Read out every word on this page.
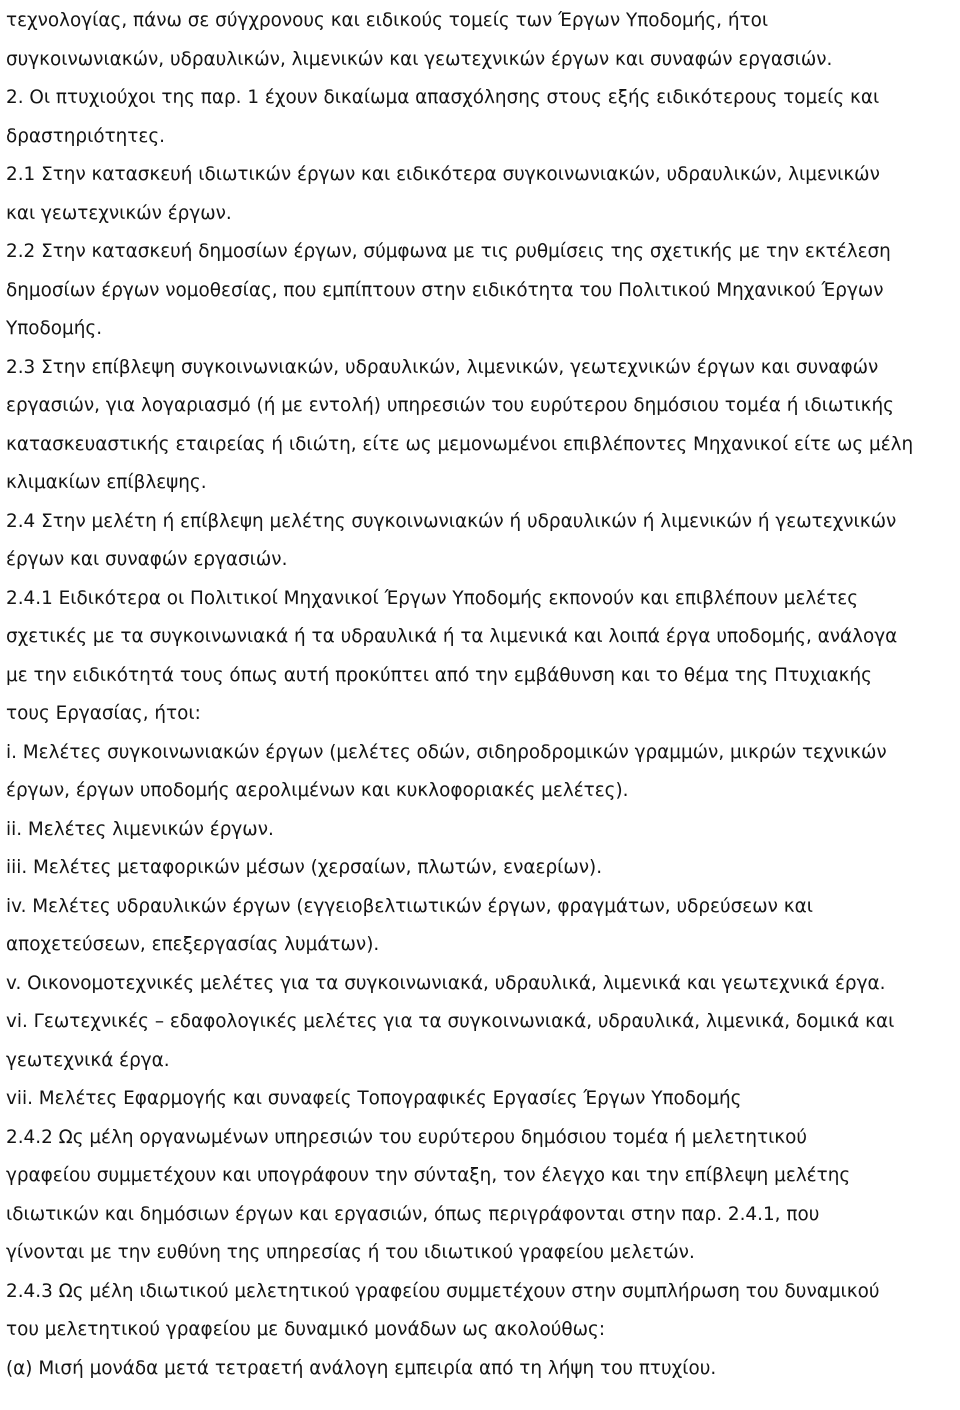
τεχνολογίας, πάνω σε σύγχρονους και ειδικούς τομείς των Έργων Υποδομής, ήτοι
συγκοινωνιακών, υδραυλικών, λιμενικών και γεωτεχνικών έργων και συναφών εργασιών.

2. Οι πτυχιούχοι της παρ. 1 έχουν δικαίωμα απασχόλησης στους εξής ειδικότερους τομείς και
δραστηριότητες.

2.1 Στην κατασκευή ιδιωτικών έργων και ειδικότερα συγκοινωνιακών, υδραυλικών, λιμενικών
και γεωτεχνικών έργων.

2.2 Στην κατασκευή δημοσίων έργων, σύμφωνα με τις ρυθμίσεις της σχετικής με την εκτέλεση
δημοσίων έργων νομοθεσίας, που εμπίπτουν στην ειδικότητα του Πολιτικού Μηχανικού Έργων
Υποδομής.

2.3 Στην επίβλεψη συγκοινωνιακών, υδραυλικών, λιμενικών, γεωτεχνικών έργων και συναφών
εργασιών, για λογαριασμό (ή με εντολή) υπηρεσιών του ευρύτερου δημόσιου τομέα ή ιδιωτικής
κατασκευαστικής εταιρείας ή ιδιώτη, είτε ως μεμονωμένοι επιβλέποντες Μηχανικοί είτε ως μέλη
κλιμακίων επίβλεψης.

2.4 Στην μελέτη ή επίβλεψη μελέτης συγκοινωνιακών ή υδραυλικών ή λιμενικών ή γεωτεχνικών
έργων και συναφών εργασιών.

2.4.1 Ειδικότερα οι Πολιτικοί Μηχανικοί Έργων Υποδομής εκπονούν και επιβλέπουν μελέτες
σχετικές με τα συγκοινωνιακά ή τα υδραυλικά ή τα λιμενικά και λοιπά έργα υποδομής, ανάλογα
με την ειδικότητά τους όπως αυτή προκύπτει από την εμβάθυνση και το θέμα της Πτυχιακής
τους Εργασίας, ήτοι:

i. Μελέτες συγκοινωνιακών έργων (μελέτες οδών, σιδηροδρομικών γραμμών, μικρών τεχνικών
έργων, έργων υποδομής αερολιμένων και κυκλοφοριακές μελέτες).

ii. Μελέτες λιμενικών έργων.

iii. Μελέτες μεταφορικών μέσων (χερσαίων, πλωτών, εναερίων).

iv. Μελέτες υδραυλικών έργων (εγγειοβελτιωτικών έργων, φραγμάτων, υδρεύσεων και
αποχετεύσεων, επεξεργασίας λυμάτων).

v. Οικονομοτεχνικές μελέτες για τα συγκοινωνιακά, υδραυλικά, λιμενικά και γεωτεχνικά έργα.

vi. Γεωτεχνικές – εδαφολογικές μελέτες για τα συγκοινωνιακά, υδραυλικά, λιμενικά, δομικά και
γεωτεχνικά έργα.

vii. Μελέτες Εφαρμογής και συναφείς Τοπογραφικές Εργασίες Έργων Υποδομής

2.4.2 Ως μέλη οργανωμένων υπηρεσιών του ευρύτερου δημόσιου τομέα ή μελετητικού
γραφείου συμμετέχουν και υπογράφουν την σύνταξη, τον έλεγχο και την επίβλεψη μελέτης
ιδιωτικών και δημόσιων έργων και εργασιών, όπως περιγράφονται στην παρ. 2.4.1, που
γίνονται με την ευθύνη της υπηρεσίας ή του ιδιωτικού γραφείου μελετών.

2.4.3 Ως μέλη ιδιωτικού μελετητικού γραφείου συμμετέχουν στην συμπλήρωση του δυναμικού
του μελετητικού γραφείου με δυναμικό μονάδων ως ακολούθως:

(α) Μισή μονάδα μετά τετραετή ανάλογη εμπειρία από τη λήψη του πτυχίου.
